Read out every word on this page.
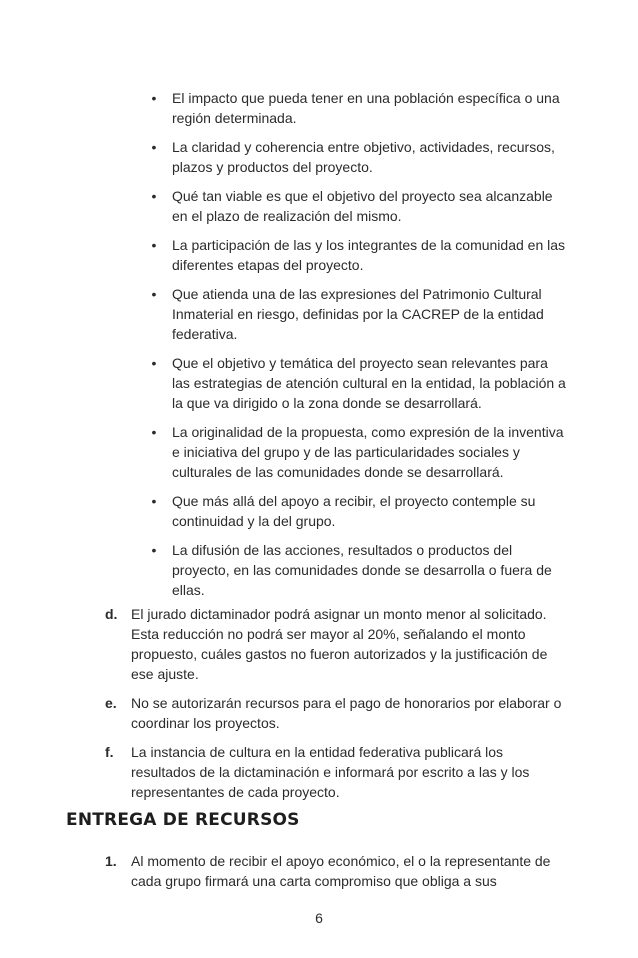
• El impacto que pueda tener en una población específica o una región determinada.
• La claridad y coherencia entre objetivo, actividades, recursos, plazos y productos del proyecto.
• Qué tan viable es que el objetivo del proyecto sea alcanzable en el plazo de realización del mismo.
• La participación de las y los integrantes de la comunidad en las diferentes etapas del proyecto.
• Que atienda una de las expresiones del Patrimonio Cultural Inmaterial en riesgo, definidas por la CACREP de la entidad federativa.
• Que el objetivo y temática del proyecto sean relevantes para las estrategias de atención cultural en la entidad, la población a la que va dirigido o la zona donde se desarrollará.
• La originalidad de la propuesta, como expresión de la inventiva e iniciativa del grupo y de las particularidades sociales y culturales de las comunidades donde se desarrollará.
• Que más allá del apoyo a recibir, el proyecto contemple su continuidad y la del grupo.
• La difusión de las acciones, resultados o productos del proyecto, en las comunidades donde se desarrolla o fuera de ellas.
d. El jurado dictaminador podrá asignar un monto menor al solicitado. Esta reducción no podrá ser mayor al 20%, señalando el monto propuesto, cuáles gastos no fueron autorizados y la justificación de ese ajuste.
e. No se autorizarán recursos para el pago de honorarios por elaborar o coordinar los proyectos.
f. La instancia de cultura en la entidad federativa publicará los resultados de la dictaminación e informará por escrito a las y los representantes de cada proyecto.
ENTREGA DE RECURSOS
1. Al momento de recibir el apoyo económico, el o la representante de cada grupo firmará una carta compromiso que obliga a sus
6
